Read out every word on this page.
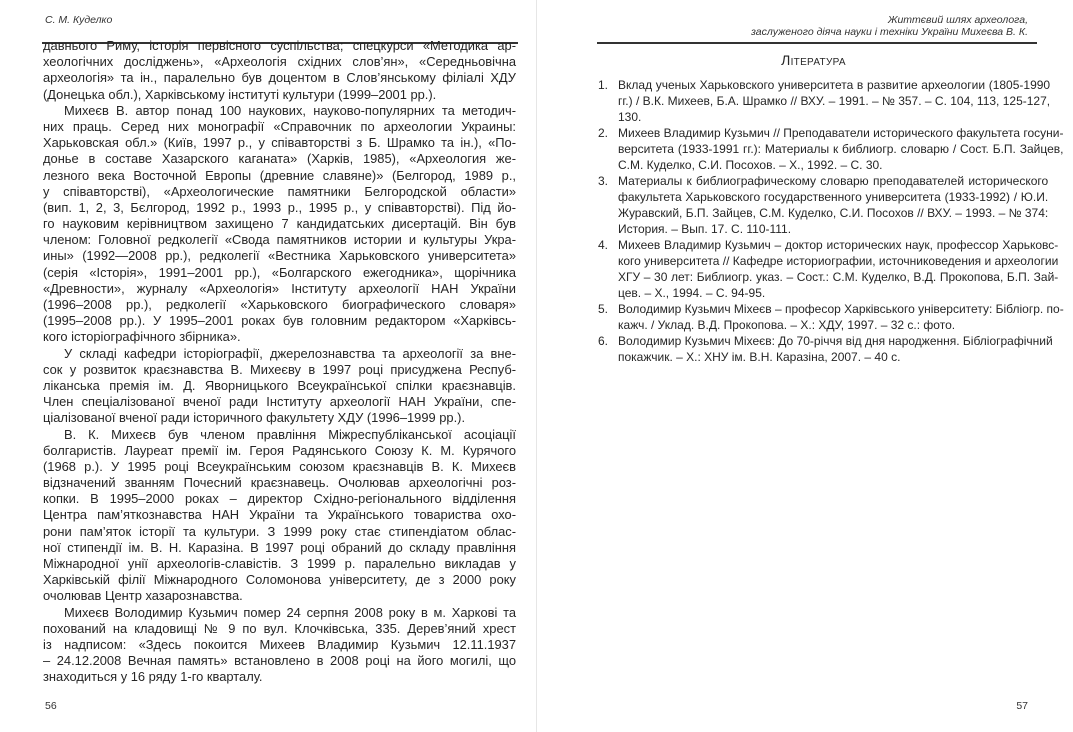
С. М. Куделко
давнього Риму, історія первісного суспільства; спецкурси «Методика ар-
хеологічних досліджень», «Археологія східних слов’ян», «Середньовічна
археологія» та ін., паралельно був доцентом в Слов’янському філіалі ХДУ
(Донецька обл.), Харківському інституті культури (1999–2001 рр.).
Михеєв В. автор понад 100 наукових, науково-популярних та методич-
них праць. Серед них монографії «Справочник по археологии Украины:
Харьковская обл.» (Київ, 1997 р., у співавторстві з Б. Шрамко та ін.), «По-
донье в составе Хазарского каганата» (Харків, 1985), «Археология же-
лезного века Восточной Европы (древние славяне)» (Белгород, 1989 р.,
у співавторстві), «Археологические памятники Белгородской области»
(вип. 1, 2, 3, Бєлгород, 1992 р., 1993 р., 1995 р., у співавторстві). Під йо-
го науковим керівництвом захищено 7 кандидатських дисертацій. Він був
членом: Головної редколегії «Свода памятников истории и культуры Укра-
ины» (1992—2008 рр.), редколегії «Вестника Харьковского университета»
(серія «Історія», 1991–2001 рр.), «Болгарского ежегодника», щорічника
«Древности», журналу «Археологія» Інституту археології НАН України
(1996–2008 рр.), редколегії «Харьковского биографического словаря»
(1995–2008 рр.). У 1995–2001 роках був головним редактором «Харківсь-
кого історіографічного збірника».
У складі кафедри історіографії, джерелознавства та археології за вне-
сок у розвиток краєзнавства В. Михеєву в 1997 році присуджена Респуб-
ліканська премія ім. Д. Яворницького Всеукраїнської спілки краєзнавців.
Член спеціалізованої вченої ради Інституту археології НАН України, спе-
ціалізованої вченої ради історичного факультету ХДУ (1996–1999 рр.).
В. К. Михеєв був членом правління Міжреспубліканської асоціації
болгаристів. Лауреат премії ім. Героя Радянського Союзу К. М. Курячого
(1968 р.). У 1995 році Всеукраїнським союзом краєзнавців В. К. Михеєв
відзначений званням Почесний краєзнавець. Очолював археологічні роз-
копки. В 1995–2000 роках – директор Східно-регіонального відділення
Центра пам’яткознавства НАН України та Українського товариства охо-
рони пам’яток історії та культури. З 1999 року стає стипендіатом облас-
ної стипендії ім. В. Н. Каразіна. В 1997 році обраний до складу правління
Міжнародної унії археологів-славістів. З 1999 р. паралельно викладав у
Харківській філії Міжнародного Соломонова університету, де з 2000 року
очолював Центр хазарознавства.
Михеєв Володимир Кузьмич помер 24 серпня 2008 року в м. Харкові та
похований на кладовищі № 9 по вул. Клочківська, 335. Дерев’яний хрест
із надписом: «Здесь покоится Михеев Владимир Кузьмич 12.11.1937
– 24.12.2008 Вечная память» встановлено в 2008 році на його могилі, що
знаходиться у 16 ряду 1-го кварталу.
56
Життєвий шлях археолога,
заслуженого діяча науки і техніки України Михеєва В. К.
Література
1. Вклад ученых Харьковского университета в развитие археологии (1805-1990
гг.) / В.К. Михеев, Б.А. Шрамко // ВХУ. – 1991. – № 357. – С. 104, 113, 125-127,
130.
2. Михеев Владимир Кузьмич // Преподаватели исторического факультета госуни-
верситета (1933-1991 гг.): Материалы к библиогр. словарю / Сост. Б.П. Зайцев,
С.М. Куделко, С.И. Посохов. – Х., 1992. – С. 30.
3. Материалы к библиографическому словарю преподавателей исторического
факультета Харьковского государственного университета (1933-1992) / Ю.И.
Журавский, Б.П. Зайцев, С.М. Куделко, С.И. Посохов // ВХУ. – 1993. – № 374:
История. – Вып. 17. С. 110-111.
4. Михеев Владимир Кузьмич – доктор исторических наук, профессор Харьковс-
кого университета // Кафедре историографии, источниковедения и археологии
ХГУ – 30 лет: Библиогр. указ. – Сост.: С.М. Куделко, В.Д. Прокопова, Б.П. Зай-
цев. – Х., 1994. – С. 94-95.
5. Володимир Кузьмич Міхеєв – професор Харківського університету: Бібліогр. по-
кажч. / Уклад. В.Д. Прокопова. – Х.: ХДУ, 1997. – 32 с.: фото.
6. Володимир Кузьмич Міхеєв: До 70-річчя від дня народження. Бібліографічний
покажчик. – Х.: ХНУ ім. В.Н. Каразіна, 2007. – 40 с.
57
